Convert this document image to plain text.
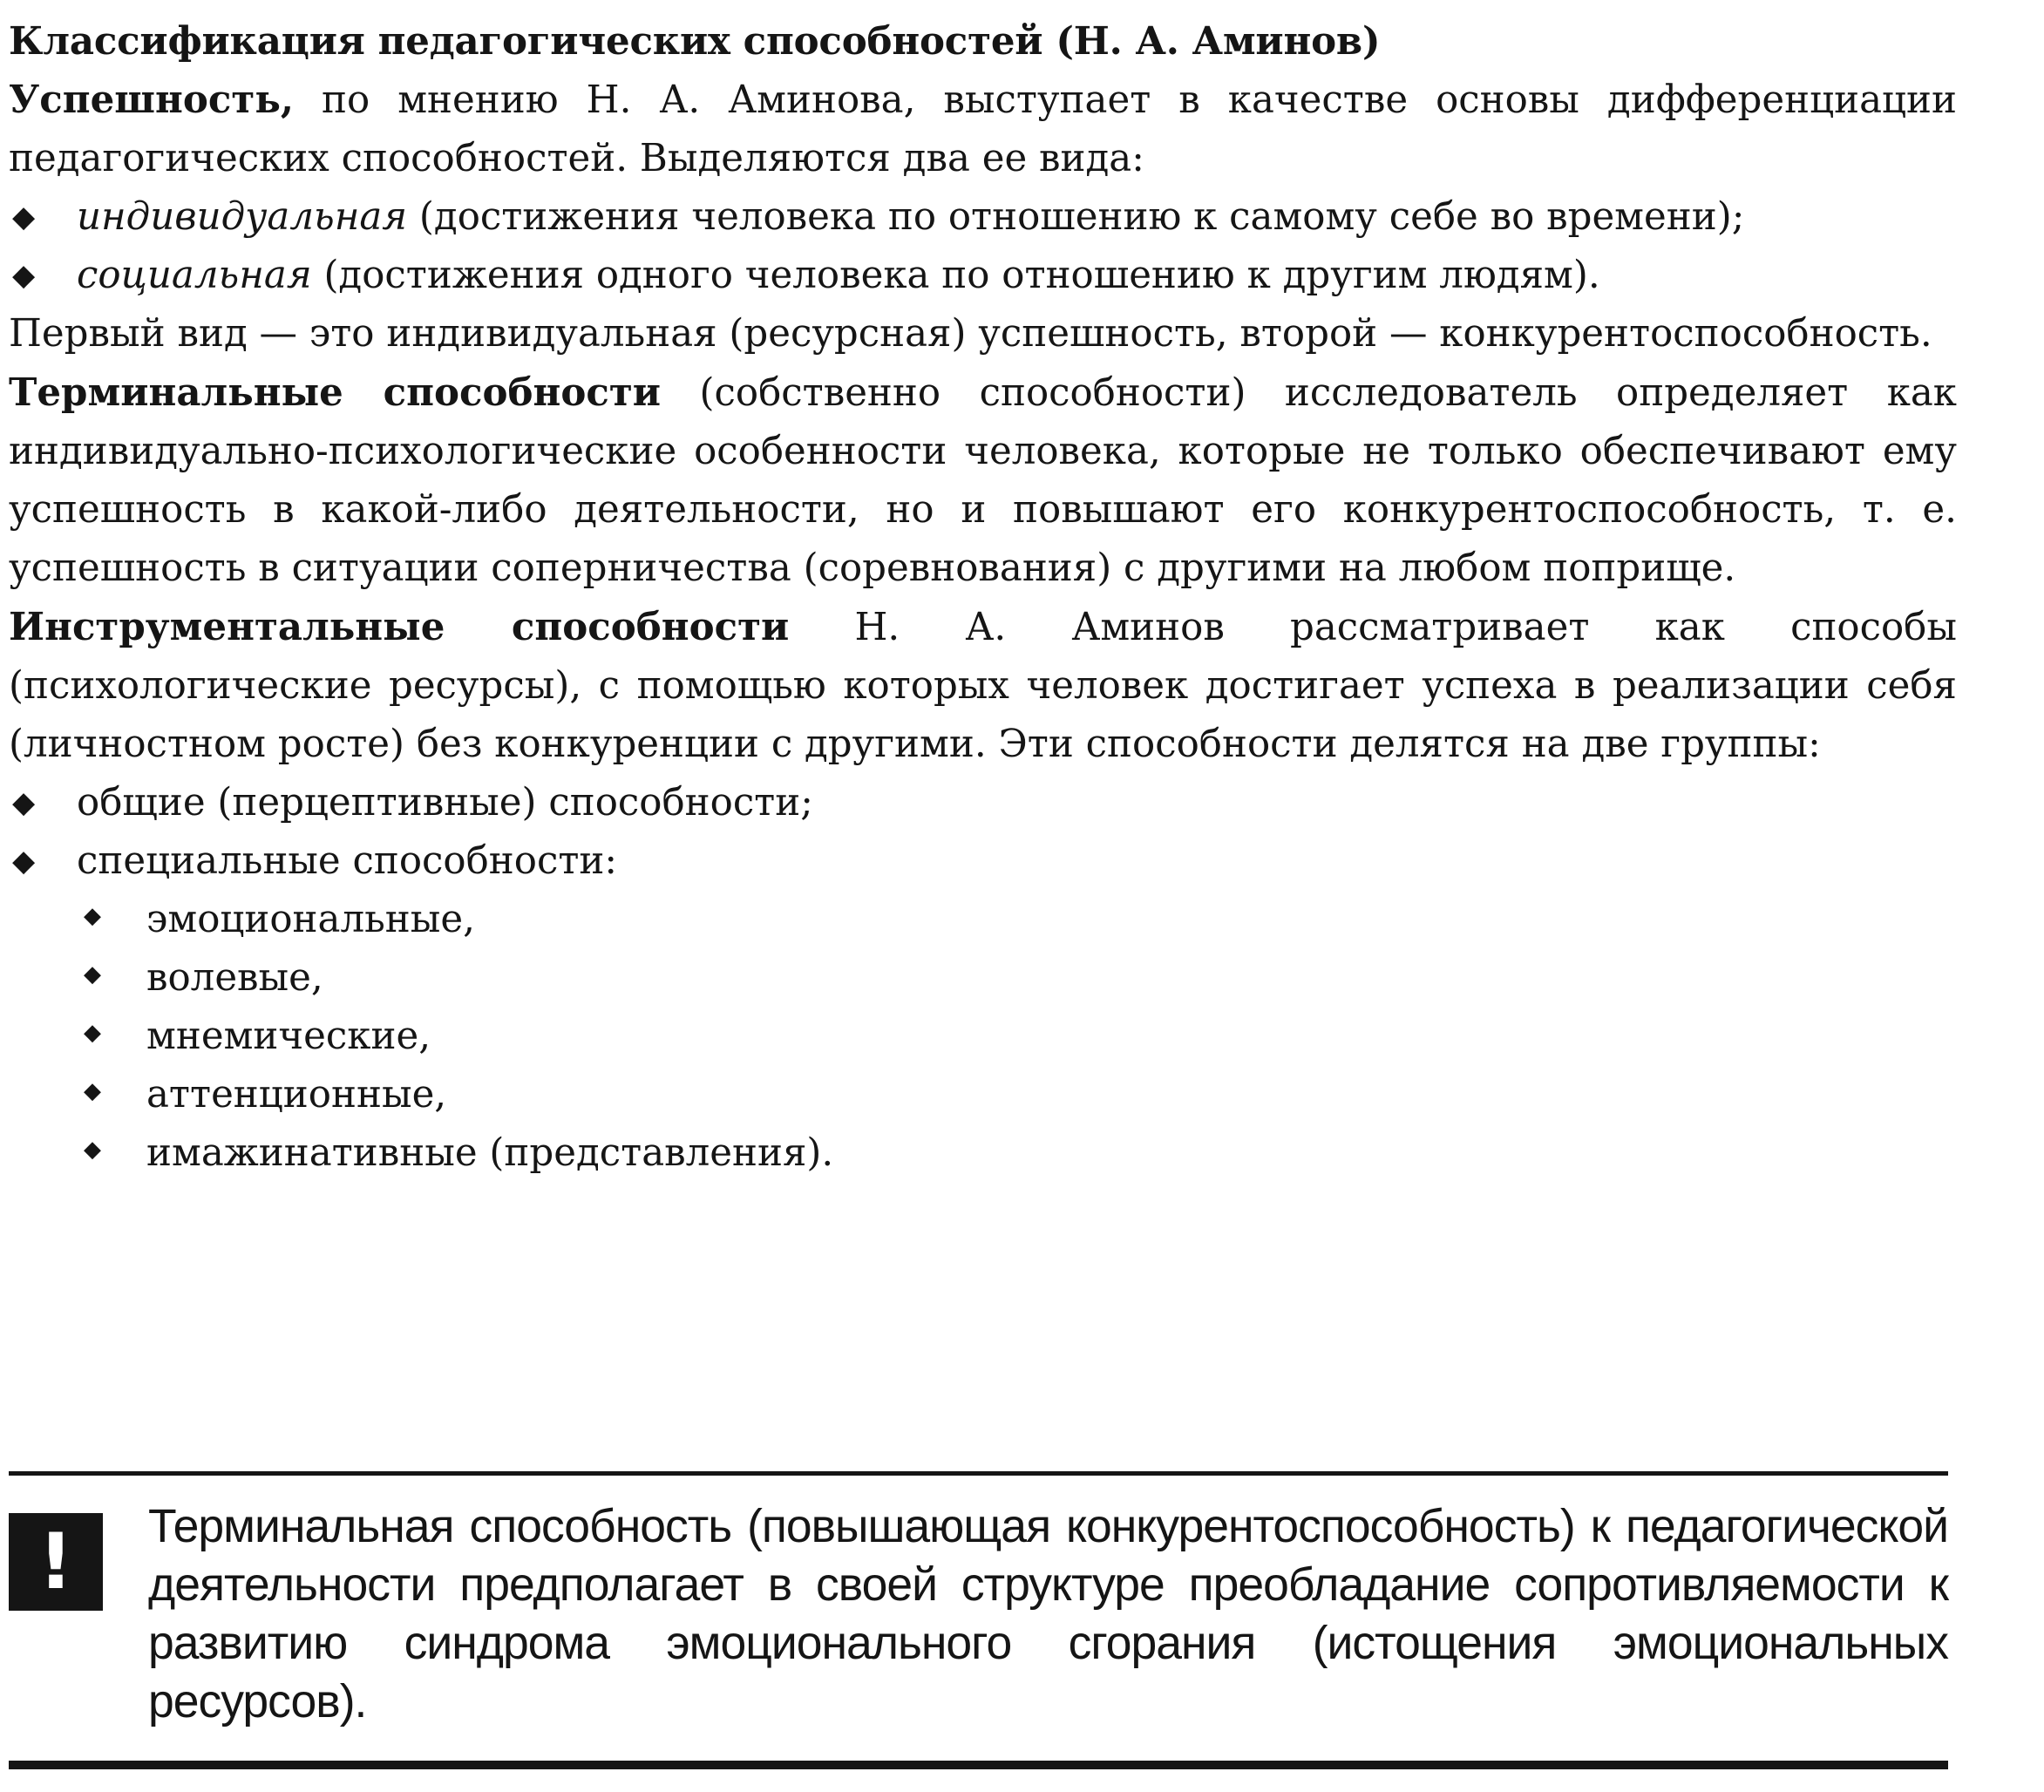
Классификация педагогических способностей (Н. А. Аминов)

Успешность, по мнению Н. А. Аминова, выступает в качестве основы дифференциации педагогических способностей. Выделяются два ее вида:

◆ индивидуальная (достижения человека по отношению к самому себе во времени);
◆ социальная (достижения одного человека по отношению к другим людям).

Первый вид — это индивидуальная (ресурсная) успешность, второй — конкурентоспособность.

Терминальные способности (собственно способности) исследователь определяет как индивидуально-психологические особенности человека, которые не только обеспечивают ему успешность в какой-либо деятельности, но и повышают его конкурентоспособность, т. е. успешность в ситуации соперничества (соревнования) с другими на любом поприще.

Инструментальные способности Н. А. Аминов рассматривает как способы (психологические ресурсы), с помощью которых человек достигает успеха в реализации себя (личностном росте) без конкуренции с другими. Эти способности делятся на две группы:

◆ общие (перцептивные) способности;
◆ специальные способности:
◆ эмоциональные,
◆ волевые,
◆ мнемические,
◆ аттенционные,
◆ имажинативные (представления).
!	Терминальная способность (повышающая конкурентоспособность) к педагогической деятельности предполагает в своей структуре преобладание сопротивляемости к развитию синдрома эмоционального сгорания (истощения эмоциональных ресурсов).
